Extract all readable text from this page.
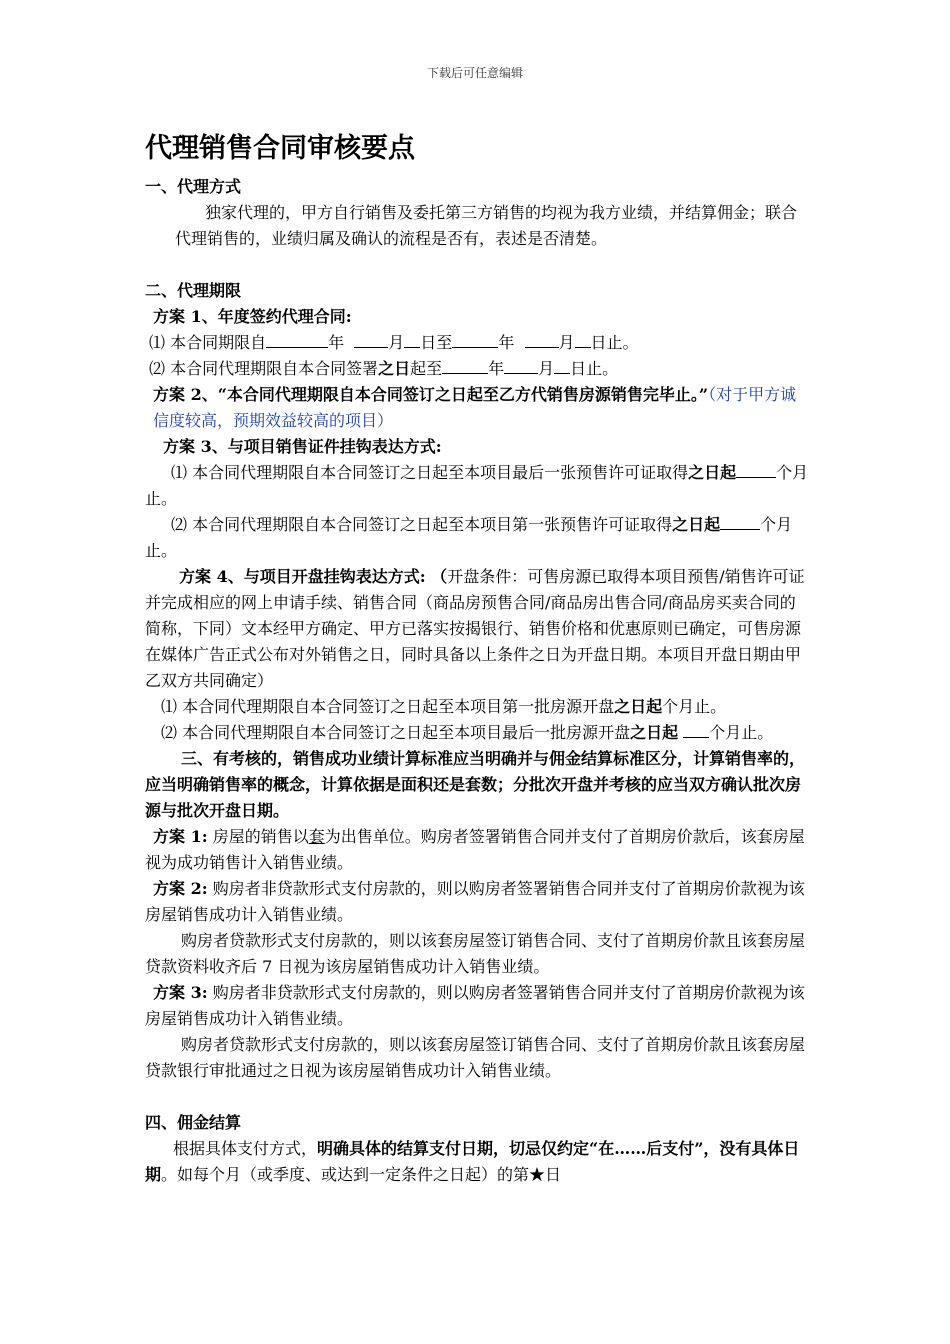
下载后可任意编辑
代理销售合同审核要点
一、代理方式

独家代理的，甲方自行销售及委托第三方销售的均视为我方业绩，并结算佣金；联合代理销售的，业绩归属及确认的流程是否有，表述是否清楚。

二、代理期限

方案 1、年度签约代理合同:

⑴ 本合同期限自	年	月 日至	年	月 日止。

⑵ 本合同代理期限自本合同签署之日起至	年 月 日止。

方案 2、“本合同代理期限自本合同签订之日起至乙方代销售房源销售完毕止。”（对于甲方诚信度较高，预期效益较高的项目）

方案 3、与项目销售证件挂钩表达方式:

⑴ 本合同代理期限自本合同签订之日起至本项目最后一张预售许可证取得之日起	个月止。

⑵ 本合同代理期限自本合同签订之日起至本项目第一张预售许可证取得之日起	个月止。

方案 4、与项目开盘挂钩表达方式: （开盘条件：可售房源已取得本项目预售/销售许可证并完成相应的网上申请手续、销售合同（商品房预售合同/商品房出售合同/商品房买卖合同的简称，下同）文本经甲方确定、甲方已落实按揭银行、销售价格和优惠原则已确定，可售房源在媒体广告正式公布对外销售之日，同时具备以上条件之日为开盘日期。本项目开盘日期由甲乙双方共同确定）

⑴ 本合同代理期限自本合同签订之日起至本项目第一批房源开盘之日起个月止。

⑵ 本合同代理期限自本合同签订之日起至本项目最后一批房源开盘之日起 个月止。

三、有考核的，销售成功业绩计算标准应当明确并与佣金结算标准区分，计算销售率的，应当明确销售率的概念，计算依据是面积还是套数；分批次开盘并考核的应当双方确认批次房源与批次开盘日期。

方案 1: 房屋的销售以套为出售单位。购房者签署销售合同并支付了首期房价款后，该套房屋视为成功销售计入销售业绩。

方案 2: 购房者非贷款形式支付房款的，则以购房者签署销售合同并支付了首期房价款视为该房屋销售成功计入销售业绩。

购房者贷款形式支付房款的，则以该套房屋签订销售合同、支付了首期房价款且该套房屋贷款资料收齐后 7 日视为该房屋销售成功计入销售业绩。

方案 3: 购房者非贷款形式支付房款的，则以购房者签署销售合同并支付了首期房价款视为该房屋销售成功计入销售业绩。

购房者贷款形式支付房款的，则以该套房屋签订销售合同、支付了首期房价款且该套房屋贷款银行审批通过之日视为该房屋销售成功计入销售业绩。

四、佣金结算

根据具体支付方式，明确具体的结算支付日期，切忌仅约定“在……后支付”，没有具体日期。如每个月（或季度、或达到一定条件之日起）的第★日
